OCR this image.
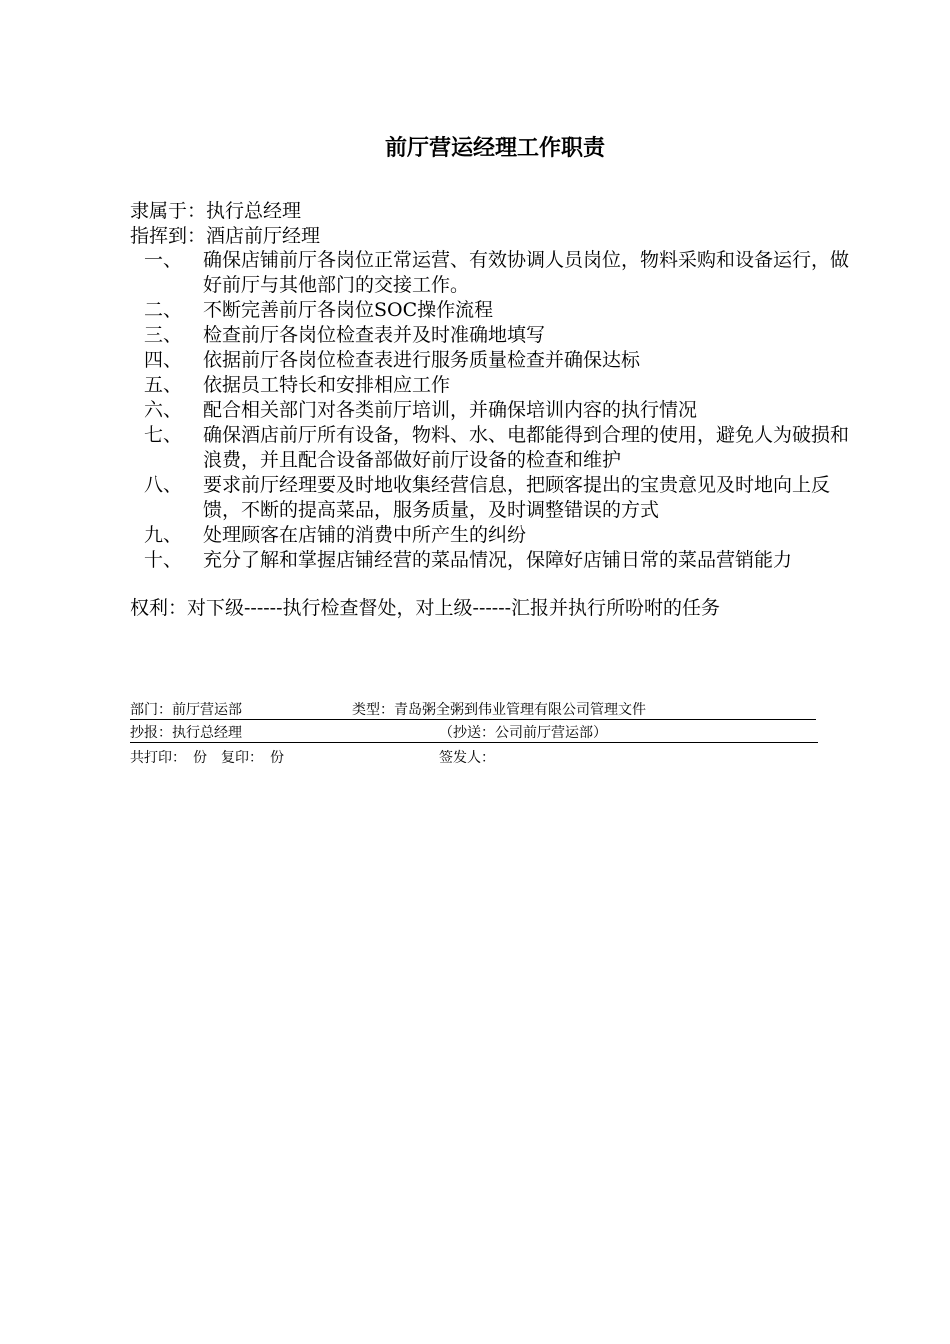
前厅营运经理工作职责
隶属于：执行总经理
指挥到：酒店前厅经理
一、 确保店铺前厅各岗位正常运营、有效协调人员岗位，物料采购和设备运行，做好前厅与其他部门的交接工作。
二、 不断完善前厅各岗位SOC操作流程
三、 检查前厅各岗位检查表并及时准确地填写
四、 依据前厅各岗位检查表进行服务质量检查并确保达标
五、 依据员工特长和安排相应工作
六、 配合相关部门对各类前厅培训，并确保培训内容的执行情况
七、 确保酒店前厅所有设备，物料、水、电都能得到合理的使用，避免人为破损和浪费，并且配合设备部做好前厅设备的检查和维护
八、 要求前厅经理要及时地收集经营信息，把顾客提出的宝贵意见及时地向上反馈，不断的提高菜品，服务质量，及时调整错误的方式
九、 处理顾客在店铺的消费中所产生的纠纷
十、 充分了解和掌握店铺经营的菜品情况，保障好店铺日常的菜品营销能力
权利：对下级------执行检查督处，对上级------汇报并执行所吩咐的任务
部门：前厅营运部	类型：青岛粥全粥到伟业管理有限公司管理文件
抄报：执行总经理	（抄送：公司前厅营运部）
共打印：　份　复印：　份	签发人：
